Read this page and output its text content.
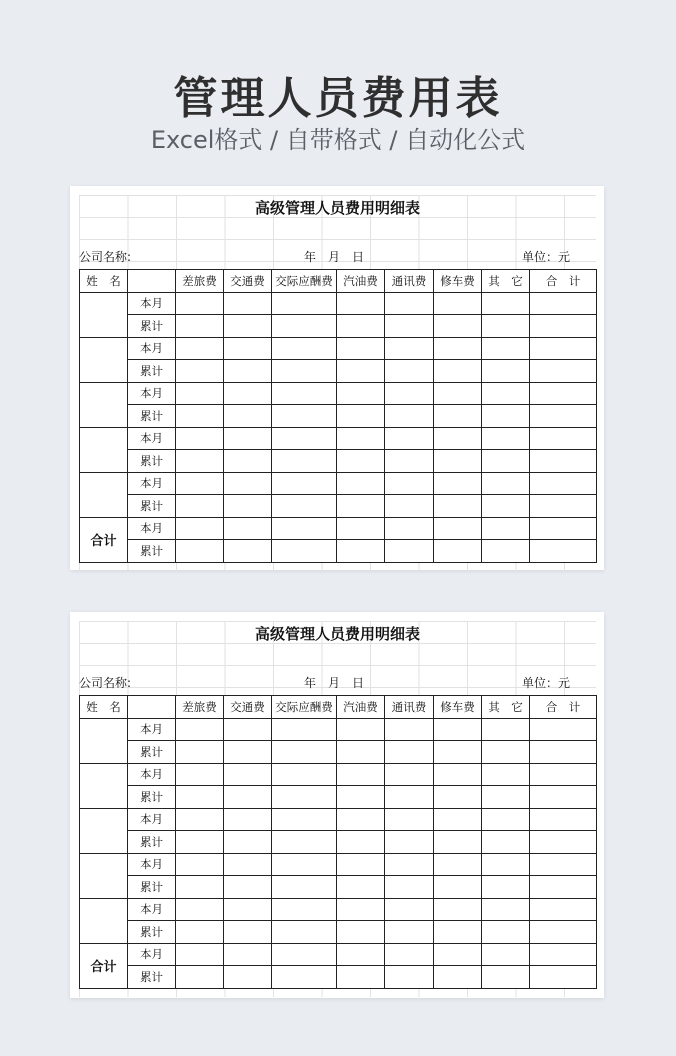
管理人员费用表
Excel格式 / 自带格式 / 自动化公式
高级管理人员费用明细表
公司名称:	年　月　日	单位：元
姓　名		差旅费	交通费	交际应酬费	汽油费	通讯费	修车费	其　它	合　计
	本月								
	累计								
	本月								
	累计								
	本月								
	累计								
	本月								
	累计								
	本月								
	累计								
合计	本月								
	累计								
高级管理人员费用明细表
公司名称:	年　月　日	单位：元
姓　名		差旅费	交通费	交际应酬费	汽油费	通讯费	修车费	其　它	合　计
	本月								
	累计								
	本月								
	累计								
	本月								
	累计								
	本月								
	累计								
	本月								
	累计								
合计	本月								
	累计								
